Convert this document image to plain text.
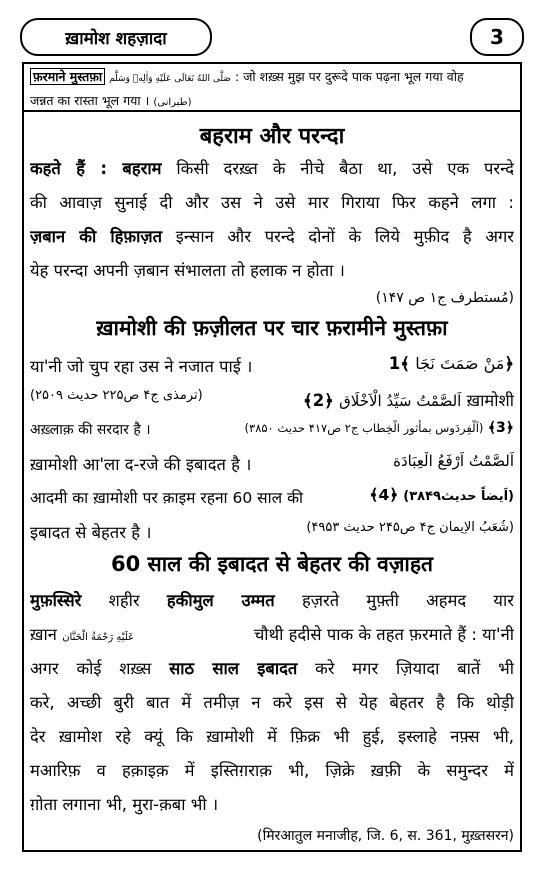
ख़ामोश शहज़ादा	3
फ़रमाने मुस्तफ़ा صَلَّى اللهُ تَعَالَى عَلَيْهِ وَاٰلِهٖ وَسَلَّم : जो शख़्स मुझ पर दुरूदे पाक पढ़ना भूल गया वोह
जन्नत का रास्ता भूल गया । (طبرانی)
बहराम और परन्दा
कहते हैं : बहराम किसी दरख़्त के नीचे बैठा था, उसे एक परन्दे
की आवाज़ सुनाई दी और उस ने उसे मार गिराया फिर कहने लगा :
ज़बान की हिफ़ाज़त इन्सान और परन्दे दोनों के लिये मुफ़ीद है अगर
येह परन्दा अपनी ज़बान संभालता तो हलाक न होता ।
(مُستطرف ج۱ ص ۱۴۷)
ख़ामोशी की फ़ज़ीलत पर चार फ़रामीने मुस्तफ़ा
या'नी जो चुप रहा उस ने नजात पाई ।	مَنْ صَمَتَ نَجَا ﴾1﴿
(ترمذی ج۴ ص۲۲۵ حدیث ۲۵۰۹)	﴾2﴿ اَلصَّمْتُ سَيِّدُ الْاَخْلَاق ख़ामोशी
अख़्लाक़ की सरदार है ।	(اَلْفِردَوس بمأثور الْخِطاب ج۲ ص۴۱۷ حدیث ۳۸۵۰) ﴾3﴿
ख़ामोशी आ'ला द-रजे की इबादत है ।	اَلصَّمْتُ اَرْفَعُ الْعِبَادَة
आदमी का ख़ामोशी पर क़ाइम रहना 60 साल की	﴾4﴿ (اَیضاً حدیث۳۸۴۹)
इबादत से बेहतर है ।	(شُعَبُ الْاِیمان ج۴ ص۲۴۵ حدیث ۴۹۵۳)
60 साल की इबादत से बेहतर की वज़ाहत
मुफ़स्सिरे शहीर हकीमुल उम्मत हज़रते मुफ़्ती अहमद यार
ख़ान عَلَيْهِ رَحْمَةُ الْحَنَّان	चौथी हदीसे पाक के तहत फ़रमाते हैं : या'नी
अगर कोई शख़्स साठ साल इबादत करे मगर ज़ियादा बातें भी
करे, अच्छी बुरी बात में तमीज़ न करे इस से येह बेहतर है कि थोड़ी
देर ख़ामोश रहे क्यूं कि ख़ामोशी में फ़िक्र भी हुई, इस्लाहे नफ़्स भी,
मआरिफ़ व हक़ाइक़ में इस्तिग़राक़ भी, ज़िक्रे ख़फ़ी के समुन्दर में
ग़ोता लगाना भी, मुरा-क़बा भी ।
(मिरआतुल मनाजीह, जि. 6, स. 361, मुख़्तसरन)
